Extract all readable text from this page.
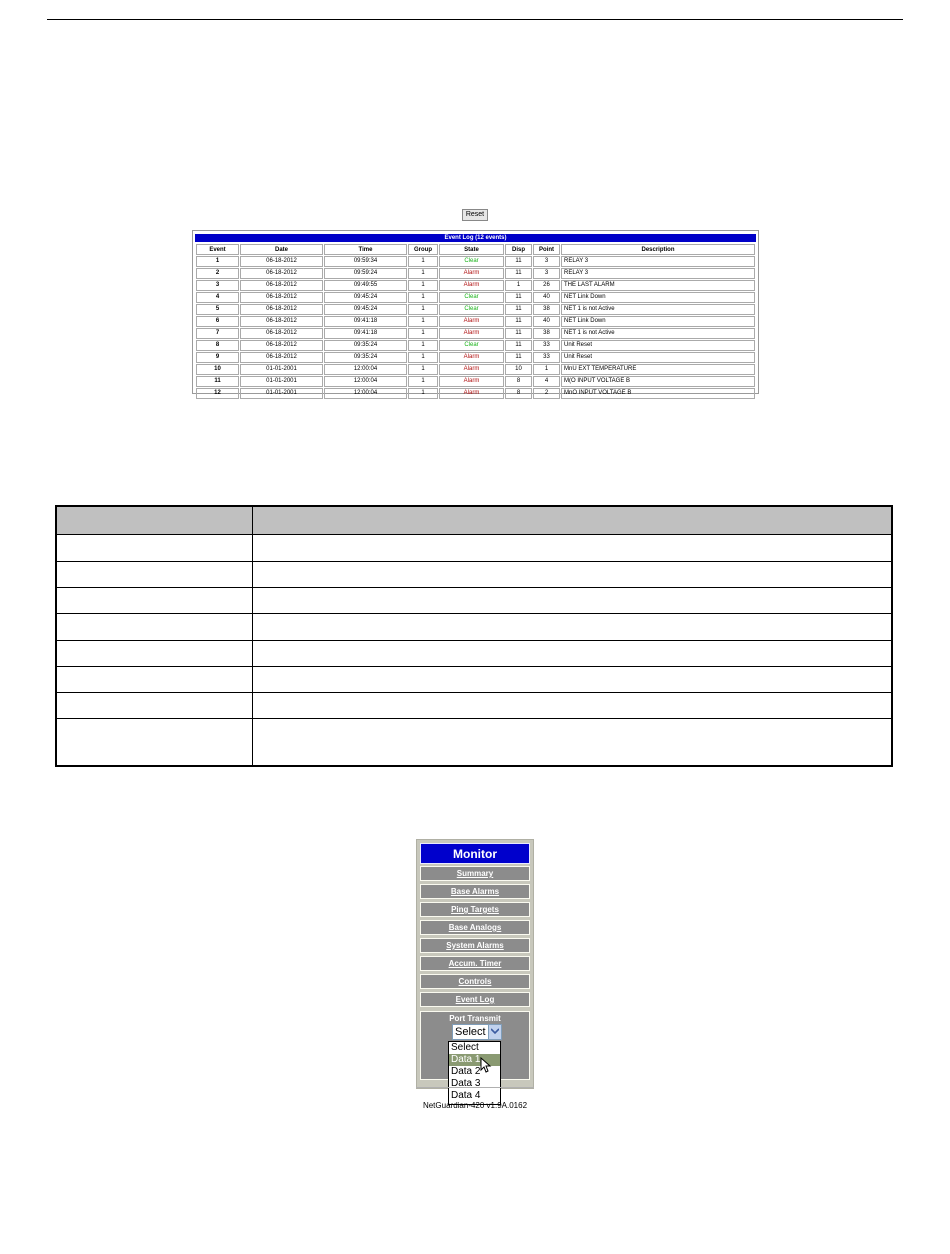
Reset
Event Log (12 events)
Event	Date	Time	Group	State	Disp	Point	Description
1	06-18-2012	09:59:34	1	Clear	11	3	RELAY 3
2	06-18-2012	09:59:24	1	Alarm	11	3	RELAY 3
3	06-18-2012	09:49:55	1	Alarm	1	26	THE LAST ALARM
4	06-18-2012	09:45:24	1	Clear	11	40	NET Link Down
5	06-18-2012	09:45:24	1	Clear	11	38	NET 1 is not Active
6	06-18-2012	09:41:18	1	Alarm	11	40	NET Link Down
7	06-18-2012	09:41:18	1	Alarm	11	38	NET 1 is not Active
8	06-18-2012	09:35:24	1	Clear	11	33	Unit Reset
9	06-18-2012	09:35:24	1	Alarm	11	33	Unit Reset
10	01-01-2001	12:00:04	1	Alarm	10	1	MnU EXT TEMPERATURE
11	01-01-2001	12:00:04	1	Alarm	8	4	M(O INPUT VOLTAGE B
12	01-01-2001	12:00:04	1	Alarm	8	2	MnO INPUT VOLTAGE B

Monitor
Summary
Base Alarms
Ping Targets
Base Analogs
System Alarms
Accum. Timer
Controls
Event Log
Port Transmit
Select
Select
Data 1
Data 2
Data 3
Data 4
NetGuardian-420 v1.9A.0162
